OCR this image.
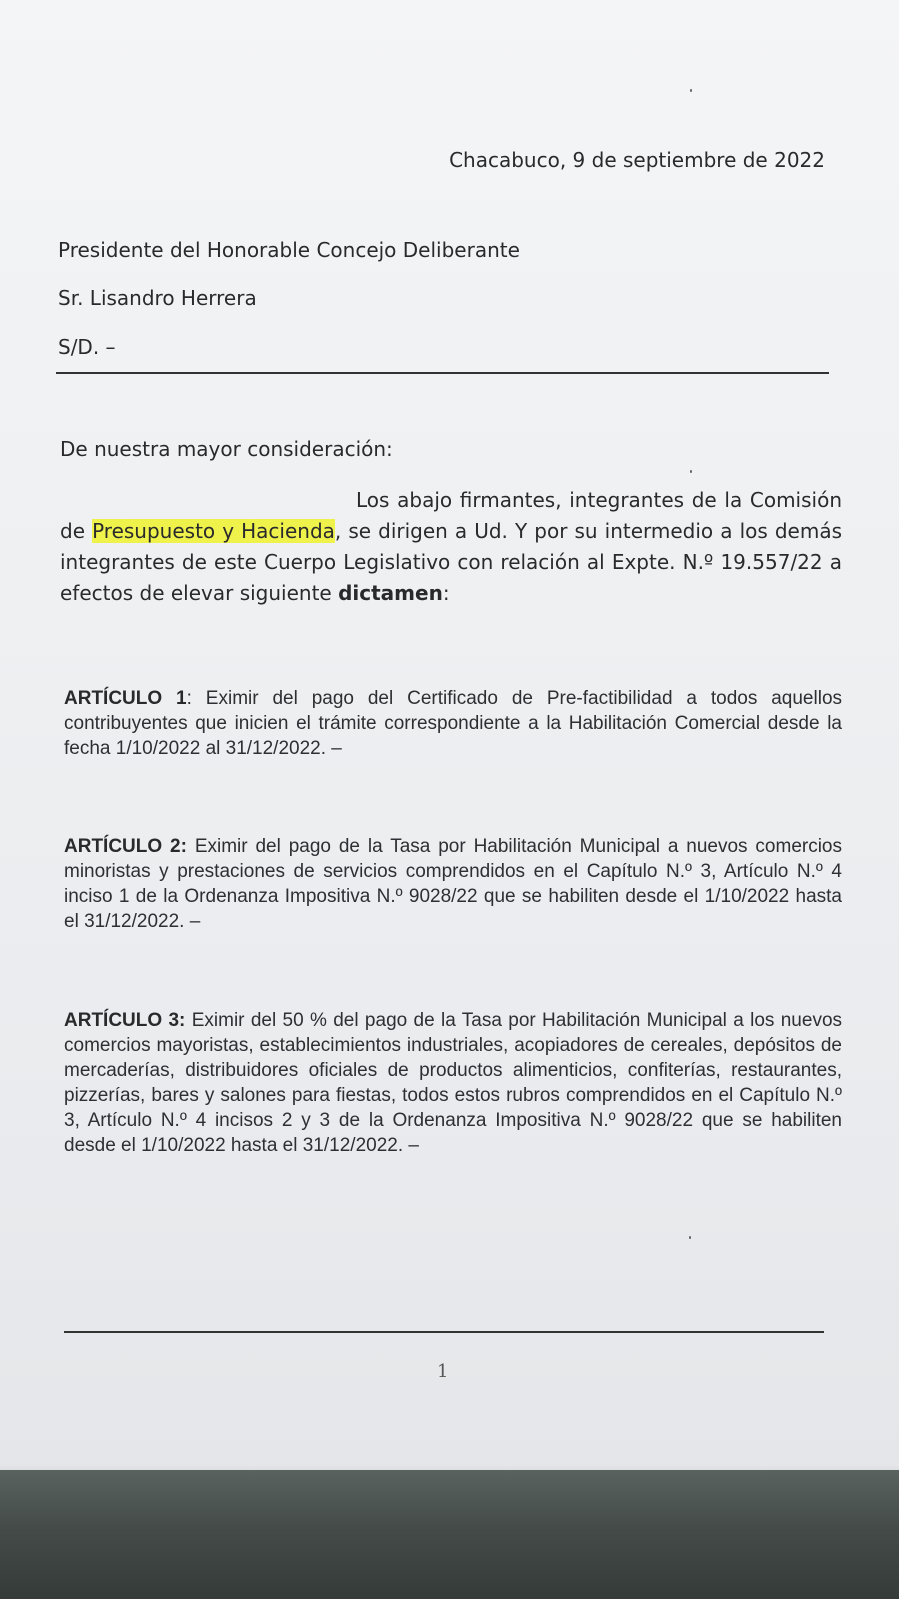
Chacabuco, 9 de septiembre de 2022
Presidente del Honorable Concejo Deliberante
Sr. Lisandro Herrera
S/D. –
De nuestra mayor consideración:
Los abajo firmantes, integrantes de la Comisión de Presupuesto y Hacienda, se dirigen a Ud. Y por su intermedio a los demás integrantes de este Cuerpo Legislativo con relación al Expte. N.º 19.557/22 a efectos de elevar siguiente dictamen:
ARTÍCULO 1: Eximir del pago del Certificado de Pre-factibilidad a todos aquellos contribuyentes que inicien el trámite correspondiente a la Habilitación Comercial desde la fecha 1/10/2022 al 31/12/2022. –
ARTÍCULO 2: Eximir del pago de la Tasa por Habilitación Municipal a nuevos comercios minoristas y prestaciones de servicios comprendidos en el Capítulo N.º 3, Artículo N.º 4 inciso 1 de la Ordenanza Impositiva N.º 9028/22 que se habiliten desde el 1/10/2022 hasta el 31/12/2022. –
ARTÍCULO 3: Eximir del 50 % del pago de la Tasa por Habilitación Municipal a los nuevos comercios mayoristas, establecimientos industriales, acopiadores de cereales, depósitos de mercaderías, distribuidores oficiales de productos alimenticios, confiterías, restaurantes, pizzerías, bares y salones para fiestas, todos estos rubros comprendidos en el Capítulo N.º 3, Artículo N.º 4 incisos 2 y 3 de la Ordenanza Impositiva N.º 9028/22 que se habiliten desde el 1/10/2022 hasta el 31/12/2022. –
1
